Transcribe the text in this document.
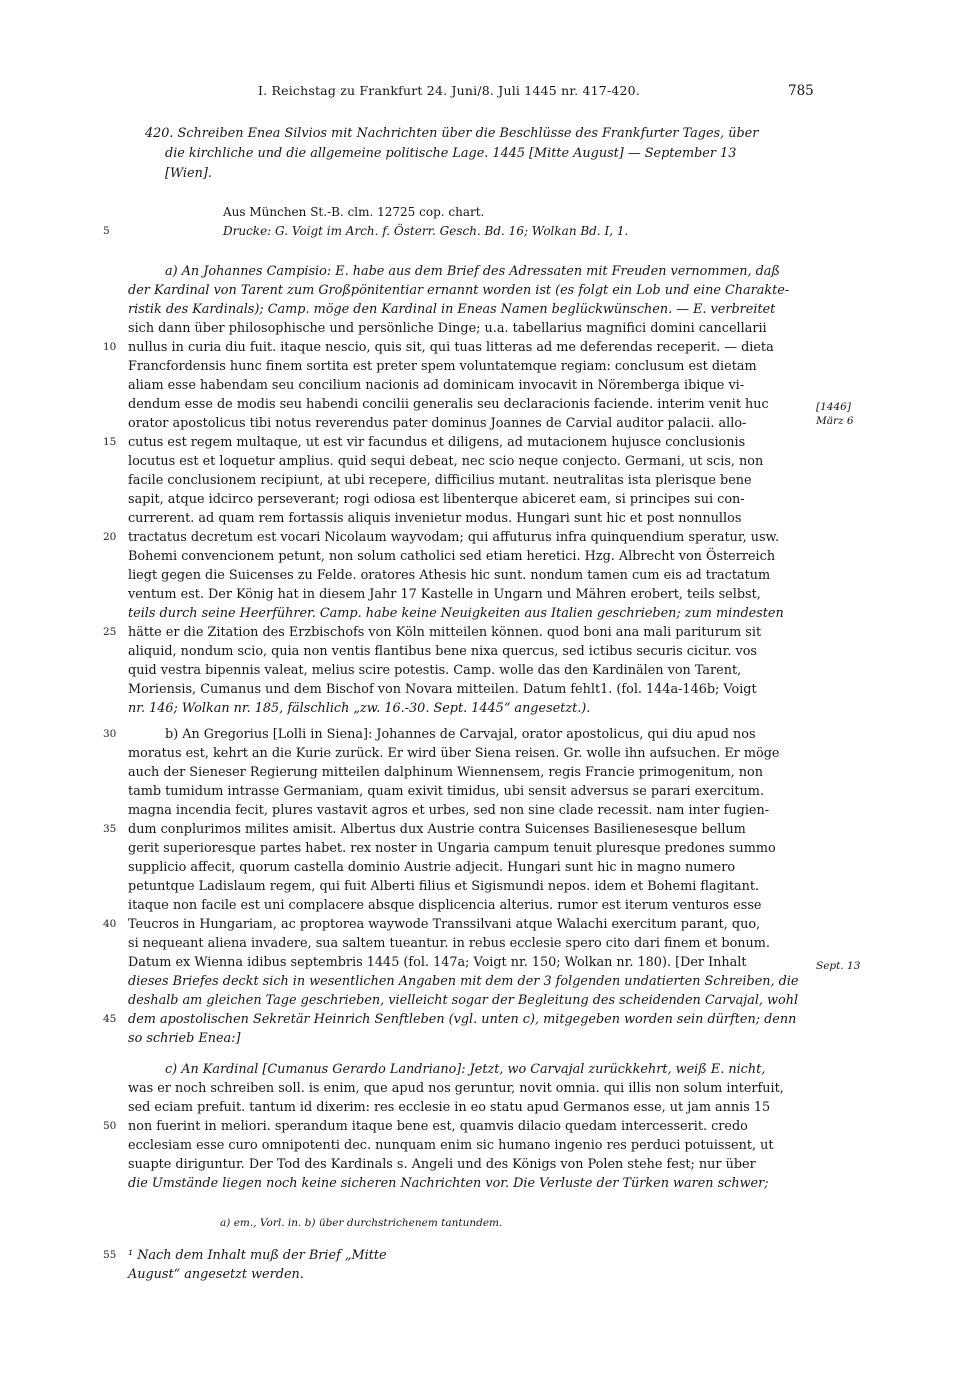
I. Reichstag zu Frankfurt 24. Juni/8. Juli 1445 nr. 417-420.	785
420. Schreiben Enea Silvios mit Nachrichten über die Beschlüsse des Frankfurter Tages, über
die kirchliche und die allgemeine politische Lage. 1445 [Mitte August] — September 13
[Wien].
Aus München St.-B. clm. 12725 cop. chart.
Drucke: G. Voigt im Arch. f. Österr. Gesch. Bd. 16; Wolkan Bd. I, 1.
5
a) An Johannes Campisio: E. habe aus dem Brief des Adressaten mit Freuden vernommen, daß
der Kardinal von Tarent zum Großpönitentiar ernannt worden ist (es folgt ein Lob und eine Charakte-
ristik des Kardinals); Camp. möge den Kardinal in Eneas Namen beglückwünschen. — E. verbreitet
sich dann über philosophische und persönliche Dinge; u.a. tabellarius magnifici domini cancellarii
nullus in curia diu fuit. itaque nescio, quis sit, qui tuas litteras ad me deferendas receperit. — dieta
Francfordensis hunc finem sortita est preter spem voluntatemque regiam: conclusum est dietam
aliam esse habendam seu concilium nacionis ad dominicam invocavit in Nöremberga ibique vi-
dendum esse de modis seu habendi concilii generalis seu declaracionis faciende. interim venit huc
orator apostolicus tibi notus reverendus pater dominus Joannes de Carvial auditor palacii. allo-
cutus est regem multaque, ut est vir facundus et diligens, ad mutacionem hujusce conclusionis
locutus est et loquetur amplius. quid sequi debeat, nec scio neque conjecto. Germani, ut scis, non
facile conclusionem recipiunt, at ubi recepere, difficilius mutant. neutralitas ista plerisque bene
sapit, atque idcirco perseverant; rogi odiosa est libenterque abiceret eam, si principes sui con-
currerent. ad quam rem fortassis aliquis invenietur modus. Hungari sunt hic et post nonnullos
tractatus decretum est vocari Nicolaum wayvodam; qui affuturus infra quinquendium speratur, usw.
Bohemi convencionem petunt, non solum catholici sed etiam heretici. Hzg. Albrecht von Österreich
liegt gegen die Suicenses zu Felde. oratores Athesis hic sunt. nondum tamen cum eis ad tractatum
ventum est. Der König hat in diesem Jahr 17 Kastelle in Ungarn und Mähren erobert, teils selbst,
teils durch seine Heerführer. Camp. habe keine Neuigkeiten aus Italien geschrieben; zum mindesten
hätte er die Zitation des Erzbischofs von Köln mitteilen können. quod boni ana mali pariturum sit
aliquid, nondum scio, quia non ventis flantibus bene nixa quercus, sed ictibus securis cicitur. vos
quid vestra bipennis valeat, melius scire potestis. Camp. wolle das den Kardinälen von Tarent,
Moriensis, Cumanus und dem Bischof von Novara mitteilen. Datum fehlt1. (fol. 144a-146b; Voigt
nr. 146; Wolkan nr. 185, fälschlich „zw. 16.-30. Sept. 1445“ angesetzt.).
10
15
20
25
[1446]
März 6
b) An Gregorius [Lolli in Siena]: Johannes de Carvajal, orator apostolicus, qui diu apud nos
moratus est, kehrt an die Kurie zurück. Er wird über Siena reisen. Gr. wolle ihn aufsuchen. Er möge
auch der Sieneser Regierung mitteilen dalphinum Wiennensem, regis Francie primogenitum, non
tamb tumidum intrasse Germaniam, quam exivit timidus, ubi sensit adversus se parari exercitum.
magna incendia fecit, plures vastavit agros et urbes, sed non sine clade recessit. nam inter fugien-
dum conplurimos milites amisit. Albertus dux Austrie contra Suicenses Basilienesesque bellum
gerit superioresque partes habet. rex noster in Ungaria campum tenuit pluresque predones summo
supplicio affecit, quorum castella dominio Austrie adjecit. Hungari sunt hic in magno numero
petuntque Ladislaum regem, qui fuit Alberti filius et Sigismundi nepos. idem et Bohemi flagitant.
itaque non facile est uni complacere absque displicencia alterius. rumor est iterum venturos esse
Teucros in Hungariam, ac proptorea waywode Transsilvani atque Walachi exercitum parant, quo,
si nequeant aliena invadere, sua saltem tueantur. in rebus ecclesie spero cito dari finem et bonum.
Datum ex Wienna idibus septembris 1445 (fol. 147a; Voigt nr. 150; Wolkan nr. 180). [Der Inhalt
dieses Briefes deckt sich in wesentlichen Angaben mit dem der 3 folgenden undatierten Schreiben, die
deshalb am gleichen Tage geschrieben, vielleicht sogar der Begleitung des scheidenden Carvajal, wohl
dem apostolischen Sekretär Heinrich Senftleben (vgl. unten c), mitgegeben worden sein dürften; denn
so schrieb Enea:]
30
35
40
45
Sept. 13
c) An Kardinal [Cumanus Gerardo Landriano]: Jetzt, wo Carvajal zurückkehrt, weiß E. nicht,
was er noch schreiben soll. is enim, que apud nos geruntur, novit omnia. qui illis non solum interfuit,
sed eciam prefuit. tantum id dixerim: res ecclesie in eo statu apud Germanos esse, ut jam annis 15
non fuerint in meliori. sperandum itaque bene est, quamvis dilacio quedam intercesserit. credo
ecclesiam esse curo omnipotenti dec. nunquam enim sic humano ingenio res perduci potuissent, ut
suapte diriguntur. Der Tod des Kardinals s. Angeli und des Königs von Polen stehe fest; nur über
die Umstände liegen noch keine sicheren Nachrichten vor. Die Verluste der Türken waren schwer;
50
a) em., Vorl. in. b) über durchstrichenem tantundem.
¹ Nach dem Inhalt muß der Brief „Mitte
August“ angesetzt werden.
55
